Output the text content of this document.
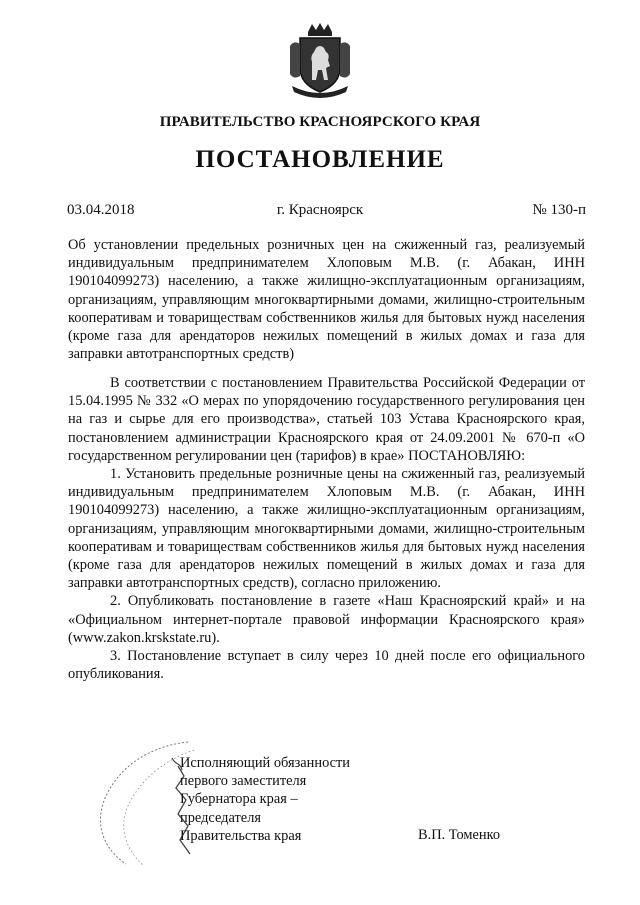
ПРАВИТЕЛЬСТВО КРАСНОЯРСКОГО КРАЯ
ПОСТАНОВЛЕНИЕ
03.04.2018	г. Красноярск	№ 130-п
Об установлении предельных розничных цен на сжиженный газ, реализуемый индивидуальным предпринимателем Хлоповым М.В. (г. Абакан, ИНН 190104099273) населению, а также жилищно-эксплуатационным организациям, организациям, управляющим многоквартирными домами, жилищно-строительным кооперативам и товариществам собственников жилья для бытовых нужд населения (кроме газа для арендаторов нежилых помещений в жилых домах и газа для заправки автотранспортных средств)

В соответствии с постановлением Правительства Российской Федерации от 15.04.1995 № 332 «О мерах по упорядочению государственного регулирования цен на газ и сырье для его производства», статьей 103 Устава Красноярского края, постановлением администрации Красноярского края от 24.09.2001 № 670-п «О государственном регулировании цен (тарифов) в крае» ПОСТАНОВЛЯЮ:

1. Установить предельные розничные цены на сжиженный газ, реализуемый индивидуальным предпринимателем Хлоповым М.В. (г. Абакан, ИНН 190104099273) населению, а также жилищно-эксплуатационным организациям, организациям, управляющим многоквартирными домами, жилищно-строительным кооперативам и товариществам собственников жилья для бытовых нужд населения (кроме газа для арендаторов нежилых помещений в жилых домах и газа для заправки автотранспортных средств), согласно приложению.

2. Опубликовать постановление в газете «Наш Красноярский край» и на «Официальном интернет-портале правовой информации Красноярского края» (www.zakon.krskstate.ru).

3. Постановление вступает в силу через 10 дней после его официального опубликования.

Исполняющий обязанности
первого заместителя
Губернатора края –
председателя
Правительства края	В.П. Томенко
